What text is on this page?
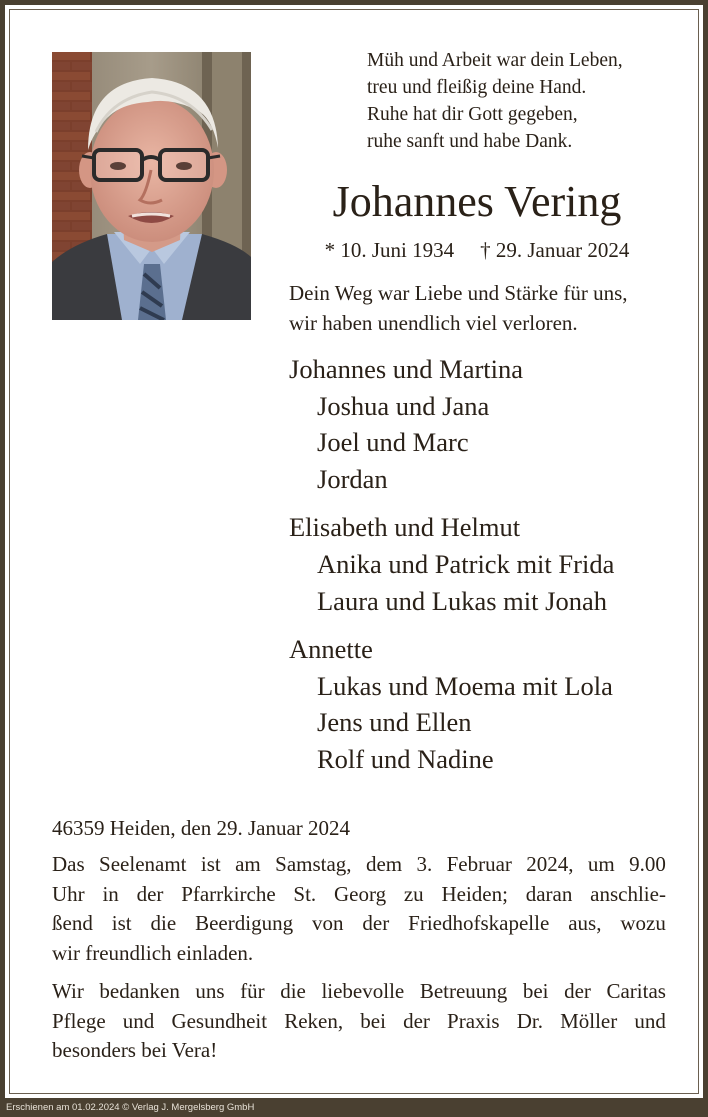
Müh und Arbeit war dein Leben,
treu und fleißig deine Hand.
Ruhe hat dir Gott gegeben,
ruhe sanft und habe Dank.
Johannes Vering
* 10. Juni 1934 † 29. Januar 2024
Dein Weg war Liebe und Stärke für uns,
wir haben unendlich viel verloren.
Johannes und Martina
Joshua und Jana
Joel und Marc
Jordan
Elisabeth und Helmut
Anika und Patrick mit Frida
Laura und Lukas mit Jonah
Annette
Lukas und Moema mit Lola
Jens und Ellen
Rolf und Nadine
46359 Heiden, den 29. Januar 2024
Das Seelenamt ist am Samstag, dem 3. Februar 2024, um 9.00
Uhr in der Pfarrkirche St. Georg zu Heiden; daran anschlie-
ßend ist die Beerdigung von der Friedhofskapelle aus, wozu
wir freundlich einladen.
Wir bedanken uns für die liebevolle Betreuung bei der Caritas
Pflege und Gesundheit Reken, bei der Praxis Dr. Möller und
besonders bei Vera!
Erschienen am 01.02.2024 © Verlag J. Mergelsberg GmbH
